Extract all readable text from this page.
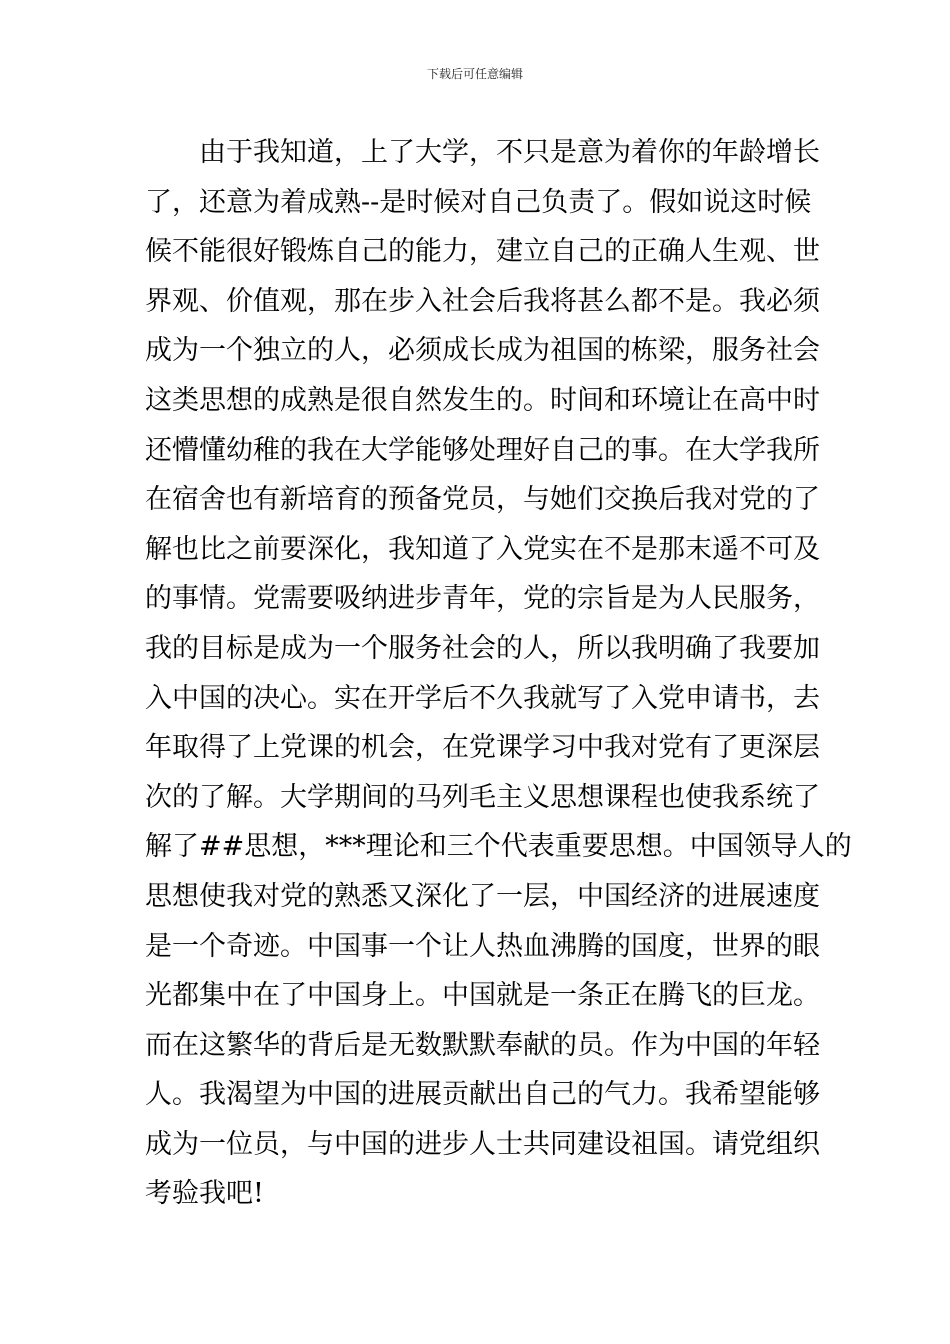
下载后可任意编辑
由于我知道，上了大学，不只是意为着你的年龄增长
了，还意为着成熟--是时候对自己负责了。假如说这时候
候不能很好锻炼自己的能力，建立自己的正确人生观、世
界观、价值观，那在步入社会后我将甚么都不是。我必须
成为一个独立的人，必须成长成为祖国的栋梁，服务社会
这类思想的成熟是很自然发生的。时间和环境让在高中时
还懵懂幼稚的我在大学能够处理好自己的事。在大学我所
在宿舍也有新培育的预备党员，与她们交换后我对党的了
解也比之前要深化，我知道了入党实在不是那末遥不可及
的事情。党需要吸纳进步青年，党的宗旨是为人民服务，
我的目标是成为一个服务社会的人，所以我明确了我要加
入中国的决心。实在开学后不久我就写了入党申请书，去
年取得了上党课的机会，在党课学习中我对党有了更深层
次的了解。大学期间的马列毛主义思想课程也使我系统了
解了##思想，***理论和三个代表重要思想。中国领导人的
思想使我对党的熟悉又深化了一层，中国经济的进展速度
是一个奇迹。中国事一个让人热血沸腾的国度，世界的眼
光都集中在了中国身上。中国就是一条正在腾飞的巨龙。
而在这繁华的背后是无数默默奉献的员。作为中国的年轻
人。我渴望为中国的进展贡献出自己的气力。我希望能够
成为一位员，与中国的进步人士共同建设祖国。请党组织
考验我吧!
